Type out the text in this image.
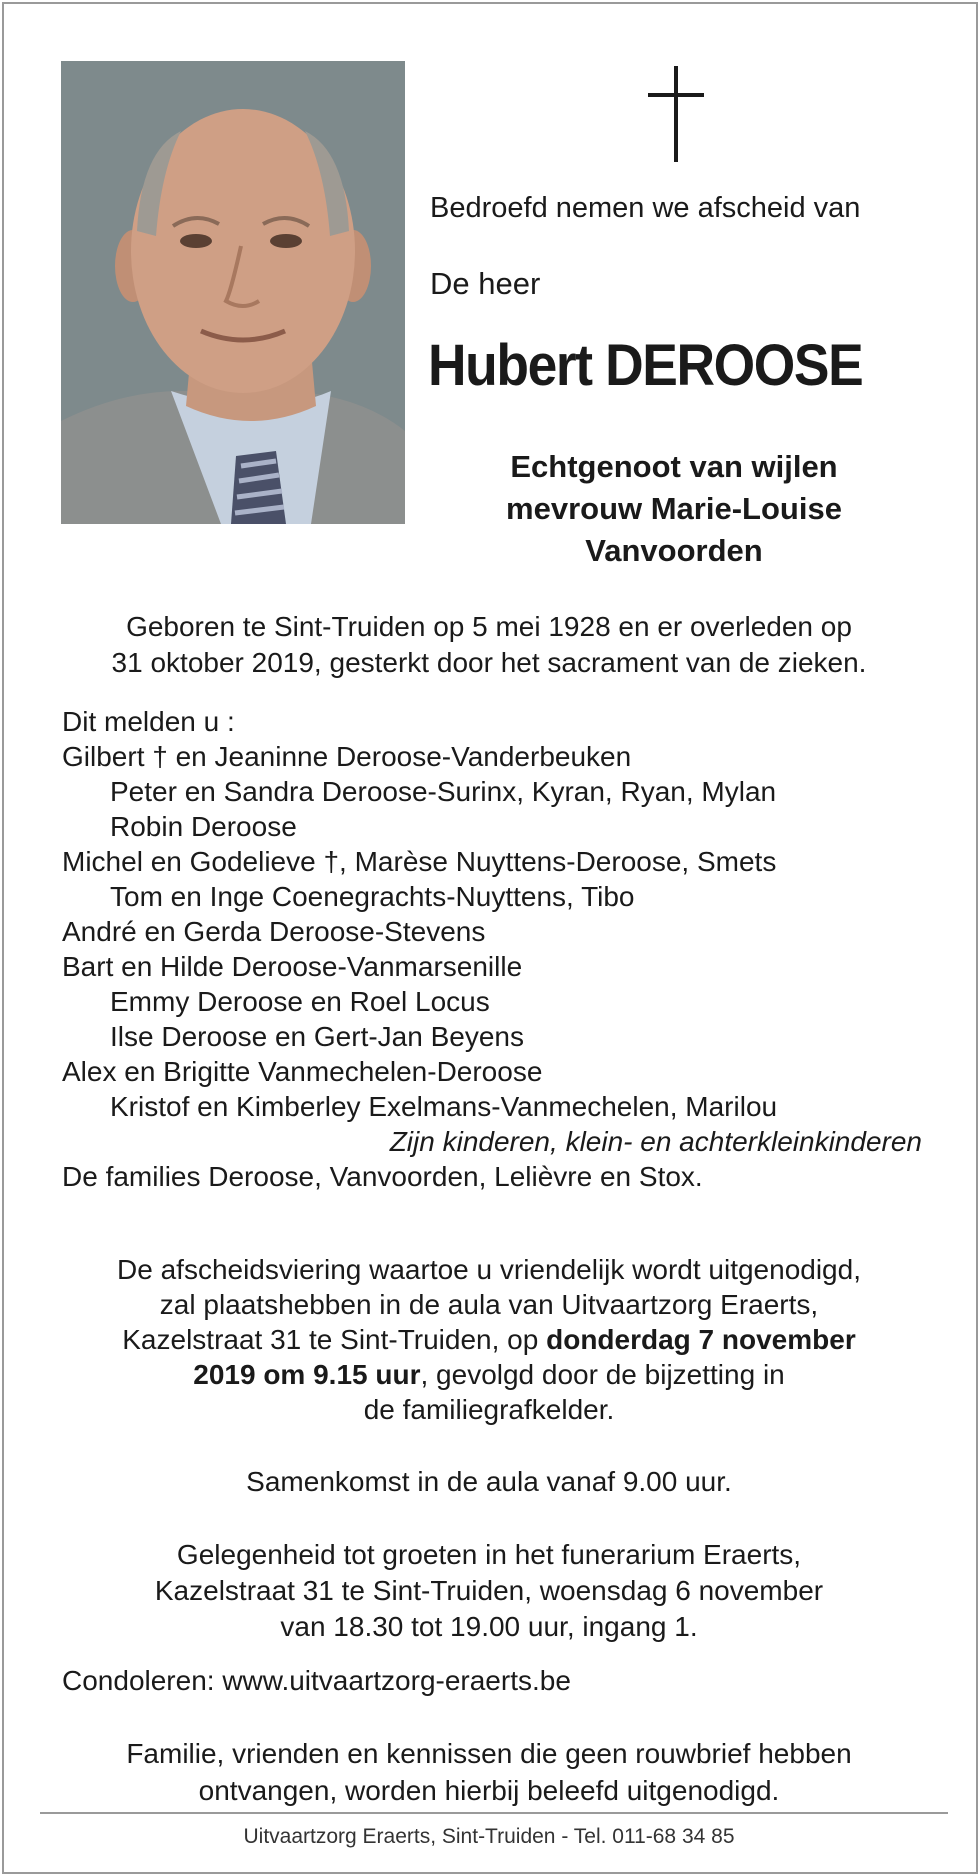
Bedroefd nemen we afscheid van
De heer
Hubert DEROOSE
Echtgenoot van wijlen
mevrouw Marie-Louise
Vanvoorden
Geboren te Sint-Truiden op 5 mei 1928 en er overleden op
31 oktober 2019, gesterkt door het sacrament van de zieken.
Dit melden u :
Gilbert † en Jeaninne Deroose-Vanderbeuken
Peter en Sandra Deroose-Surinx, Kyran, Ryan, Mylan
Robin Deroose
Michel en Godelieve †, Marèse Nuyttens-Deroose, Smets
Tom en Inge Coenegrachts-Nuyttens, Tibo
André en Gerda Deroose-Stevens
Bart en Hilde Deroose-Vanmarsenille
Emmy Deroose en Roel Locus
Ilse Deroose en Gert-Jan Beyens
Alex en Brigitte Vanmechelen-Deroose
Kristof en Kimberley Exelmans-Vanmechelen, Marilou
Zijn kinderen, klein- en achterkleinkinderen
De families Deroose, Vanvoorden, Lelièvre en Stox.
De afscheidsviering waartoe u vriendelijk wordt uitgenodigd,
zal plaatshebben in de aula van Uitvaartzorg Eraerts,
Kazelstraat 31 te Sint-Truiden, op donderdag 7 november
2019 om 9.15 uur, gevolgd door de bijzetting in
de familiegrafkelder.
Samenkomst in de aula vanaf 9.00 uur.
Gelegenheid tot groeten in het funerarium Eraerts,
Kazelstraat 31 te Sint-Truiden, woensdag 6 november
van 18.30 tot 19.00 uur, ingang 1.
Condoleren: www.uitvaartzorg-eraerts.be
Familie, vrienden en kennissen die geen rouwbrief hebben
ontvangen, worden hierbij beleefd uitgenodigd.
Uitvaartzorg Eraerts, Sint-Truiden - Tel. 011-68 34 85
